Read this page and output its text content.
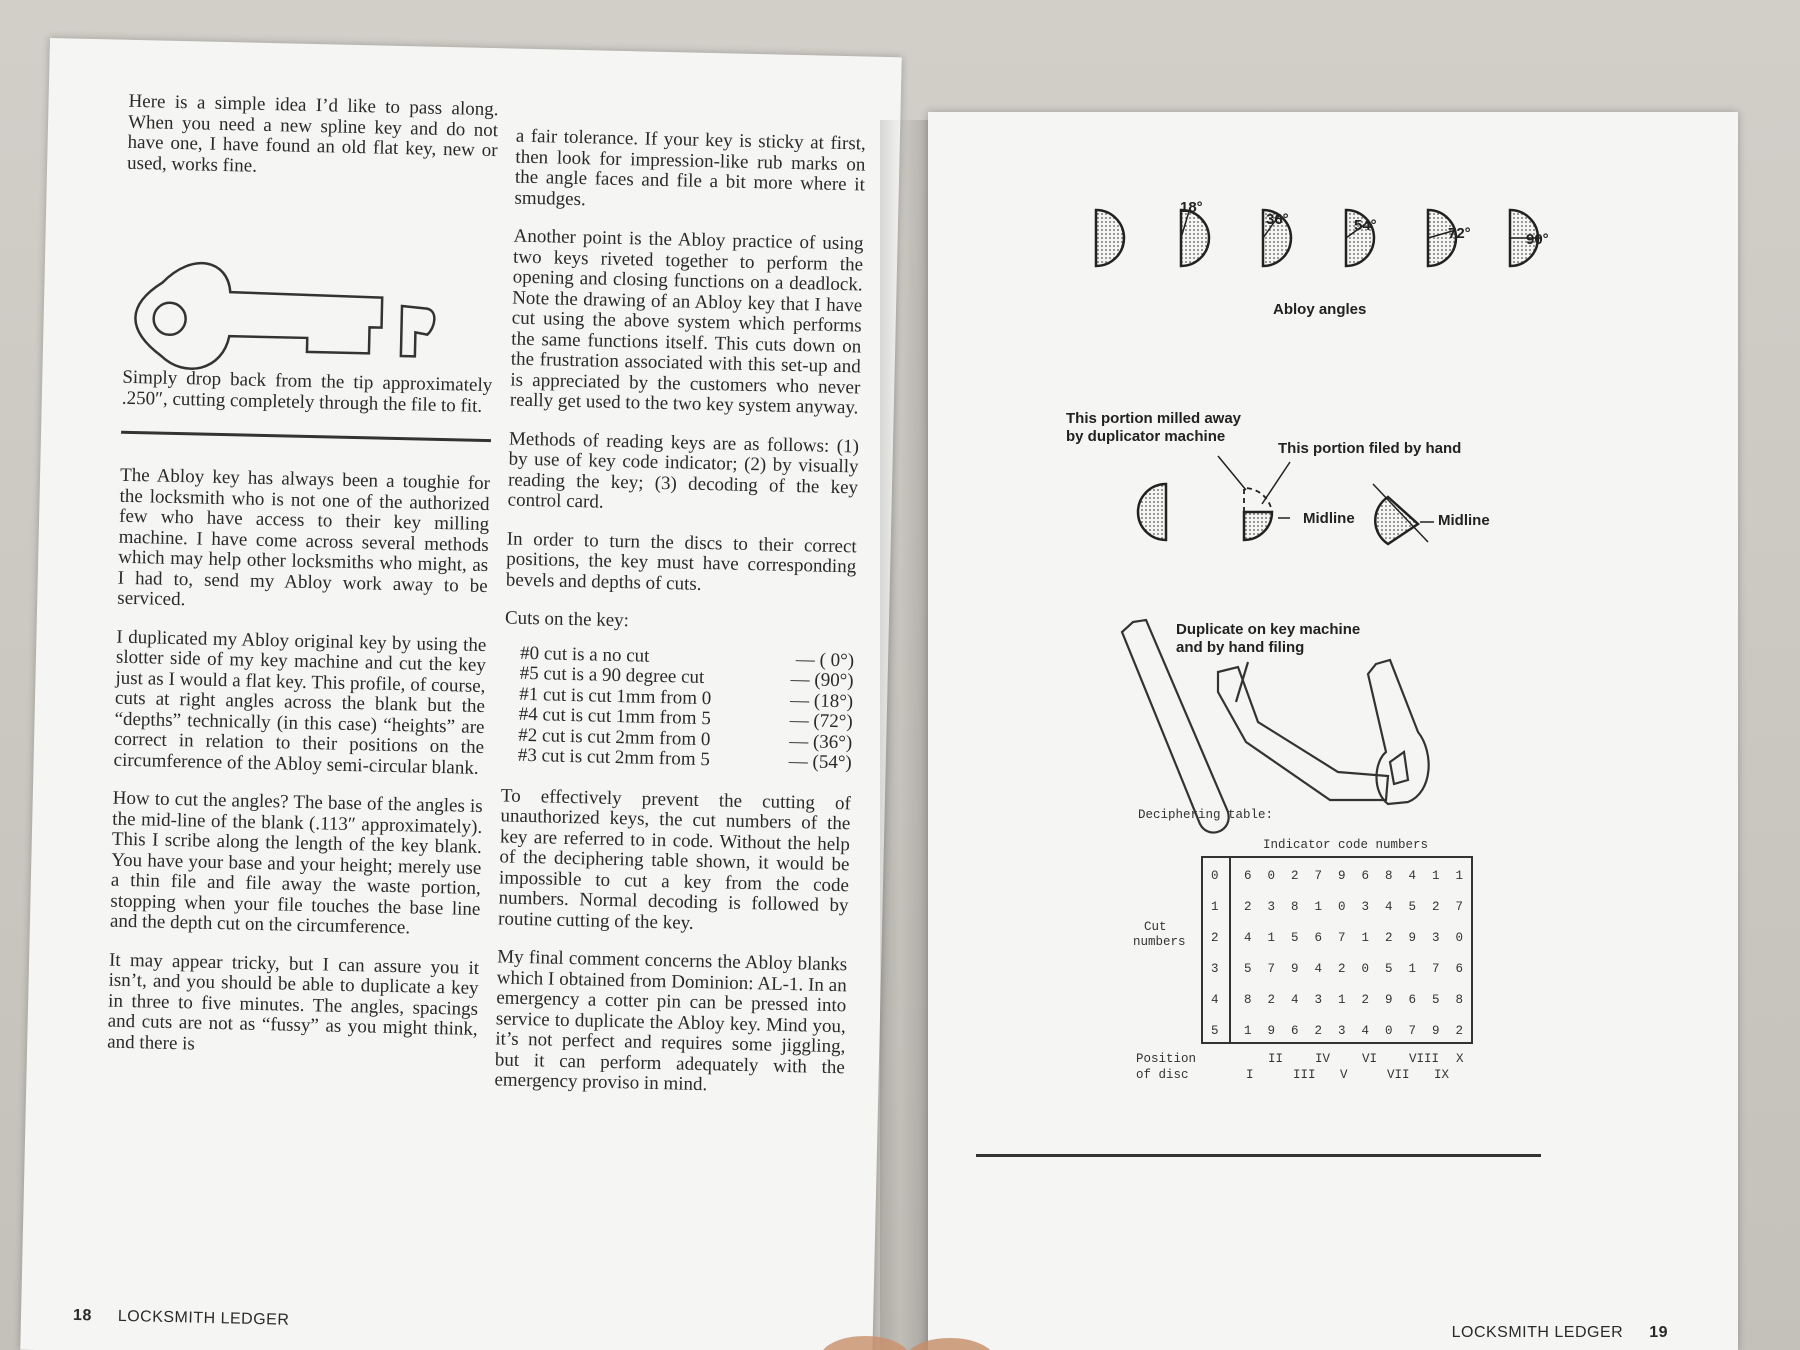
Here is a simple idea I’d like to pass along. When you need a new spline key and do not have one, I have found an old flat key, new or used, works fine.

Simply drop back from the tip approximately .250″, cutting completely through the file to fit.

The Abloy key has always been a toughie for the locksmith who is not one of the authorized few who have access to their key milling machine. I have come across several methods which may help other locksmiths who might, as I had to, send my Abloy work away to be serviced.

I duplicated my Abloy original key by using the slotter side of my key machine and cut the key just as I would a flat key. This profile, of course, cuts at right angles across the blank but the “depths” technically (in this case) “heights” are correct in relation to their positions on the circumference of the Abloy semi-circular blank.

How to cut the angles? The base of the angles is the mid-line of the blank (.113″ approximately). This I scribe along the length of the key blank. You have your base and your height; merely use a thin file and file away the waste portion, stopping when your file touches the base line and the depth cut on the circumference.

It may appear tricky, but I can assure you it isn’t, and you should be able to duplicate a key in three to five minutes. The angles, spacings and cuts are not as “fussy” as you might think, and there is

a fair tolerance. If your key is sticky at first, then look for impression-like rub marks on the angle faces and file a bit more where it smudges.

Another point is the Abloy practice of using two keys riveted together to perform the opening and closing functions on a deadlock. Note the drawing of an Abloy key that I have cut using the above system which performs the same functions itself. This cuts down on the frustration associated with this set-up and is appreciated by the customers who never really get used to the two key system anyway.

Methods of reading keys are as follows: (1) by use of key code indicator; (2) by visually reading the key; (3) decoding of the key control card.

In order to turn the discs to their correct positions, the key must have corresponding bevels and depths of cuts.

Cuts on the key:

#0 cut is a no cut	— ( 0°)
#5 cut is a 90 degree cut	— (90°)
#1 cut is cut 1mm from 0	— (18°)
#4 cut is cut 1mm from 5	— (72°)
#2 cut is cut 2mm from 0	— (36°)
#3 cut is cut 2mm from 5	— (54°)

To effectively prevent the cutting of unauthorized keys, the cut numbers of the key are referred to in code. Without the help of the deciphering table shown, it would be impossible to cut a key from the code numbers. Normal decoding is followed by routine cutting of the key.

My final comment concerns the Abloy blanks which I obtained from Dominion: AL-1. In an emergency a cotter pin can be pressed into service to duplicate the Abloy key. Mind you, it’s not perfect and requires some jiggling, but it can perform adequately with the emergency proviso in mind.

18 LOCKSMITH LEDGER
18°
36°	54°	72°	90°
Abloy angles
This portion milled away
by duplicator machine
This portion filed by hand
Midline	Midline
Duplicate on key machine
and by hand filing
Deciphering table:
Indicator code numbers
Cut
numbers
0 6 0 2 7 9 6 8 4 1 1
1 2 3 8 1 0 3 4 5 2 7
2 4 1 5 6 7 1 2 9 3 0
3 5 7 9 4 2 0 5 1 7 6
4 8 2 4 3 1 2 9 6 5 8
5 1 9 6 2 3 4 0 7 9 2
Position
of disc
II	IV	VI	VIII X
I	III V	VII IX
LOCKSMITH LEDGER 19
